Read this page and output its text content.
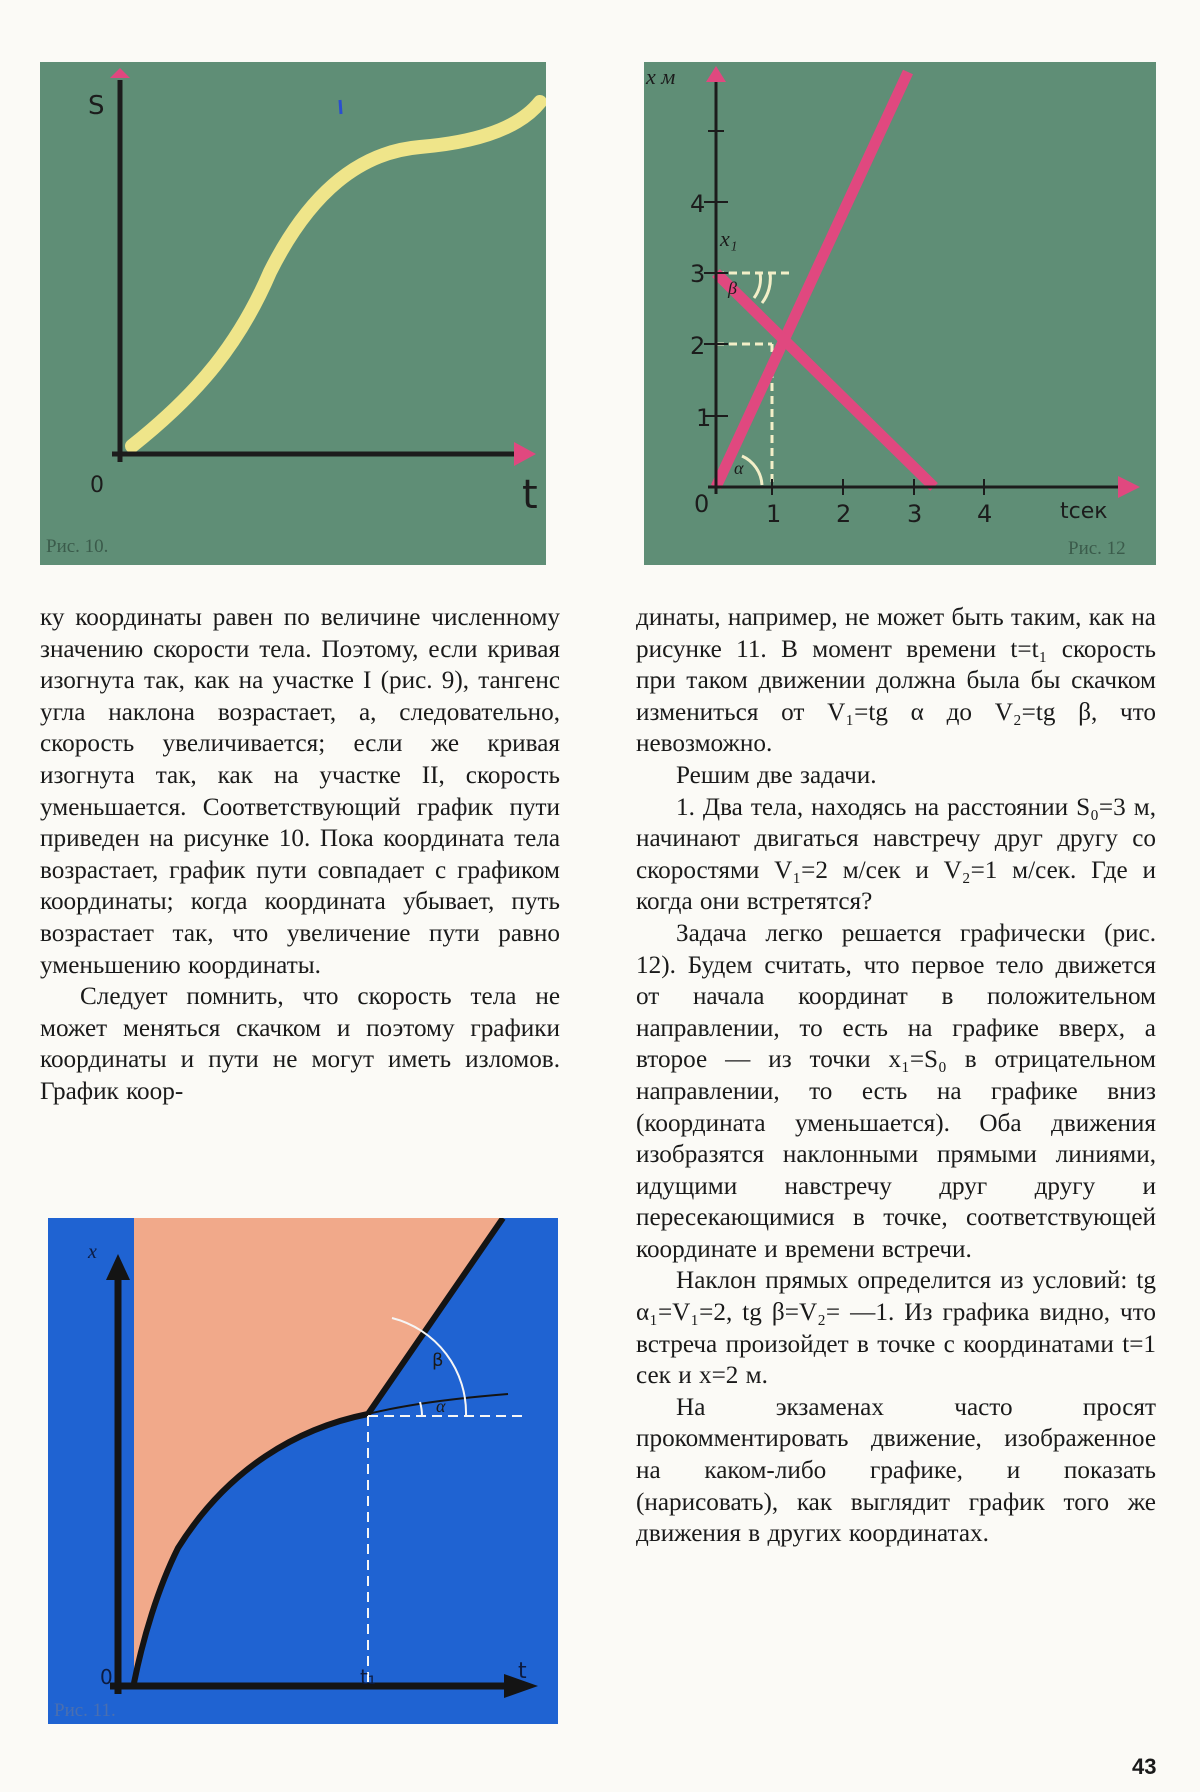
S
t
0
Рис. 10.
1
2
3
4
1 2 3 4
0
x м
tсек
x₁
α
β
Рис. 12
x
t
0	t₁
β
α
Рис. 11.

ку координаты равен по величине численному значению скорости тела. Поэтому, если кривая изогнута так, как на участке I (рис. 9), тангенс угла наклона возрастает, а, следовательно, скорость увеличивается; если же кривая изогнута так, как на участке II, скорость уменьшается. Соответствующий график пути приведен на рисунке 10. Пока координата тела возрастает, график пути совпадает с графиком координаты; когда координата убывает, путь возрастает так, что увеличение пути равно уменьшению координаты.

Следует помнить, что скорость тела не может меняться скачком и поэтому графики координаты и пути не могут иметь изломов. График коор-

динаты, например, не может быть таким, как на рисунке 11. В момент времени t=t₁ скорость при таком движении должна была бы скачком измениться от V₁=tg α до V₂=tg β, что невозможно.

Решим две задачи.

1. Два тела, находясь на расстоянии S₀=3 м, начинают двигаться навстречу друг другу со скоростями V₁=2 м/сек и V₂=1 м/сек. Где и когда они встретятся?

Задача легко решается графически (рис. 12). Будем считать, что первое тело движется от начала координат в положительном направлении, то есть на графике вверх, а второе — из точки x₁=S₀ в отрицательном направлении, то есть на графике вниз (координата уменьшается). Оба движения изобразятся наклонными прямыми линиями, идущими навстречу друг другу и пересекающимися в точке, соответствующей координате и времени встречи.

Наклон прямых определится из условий: tg α₁=V₁=2, tg β=V₂= —1. Из графика видно, что встреча произойдет в точке с координатами t=1 сек и x=2 м.

На экзаменах часто просят прокомментировать движение, изображенное на каком-либо графике, и показать (нарисовать), как выглядит график того же движения в других координатах.

43
